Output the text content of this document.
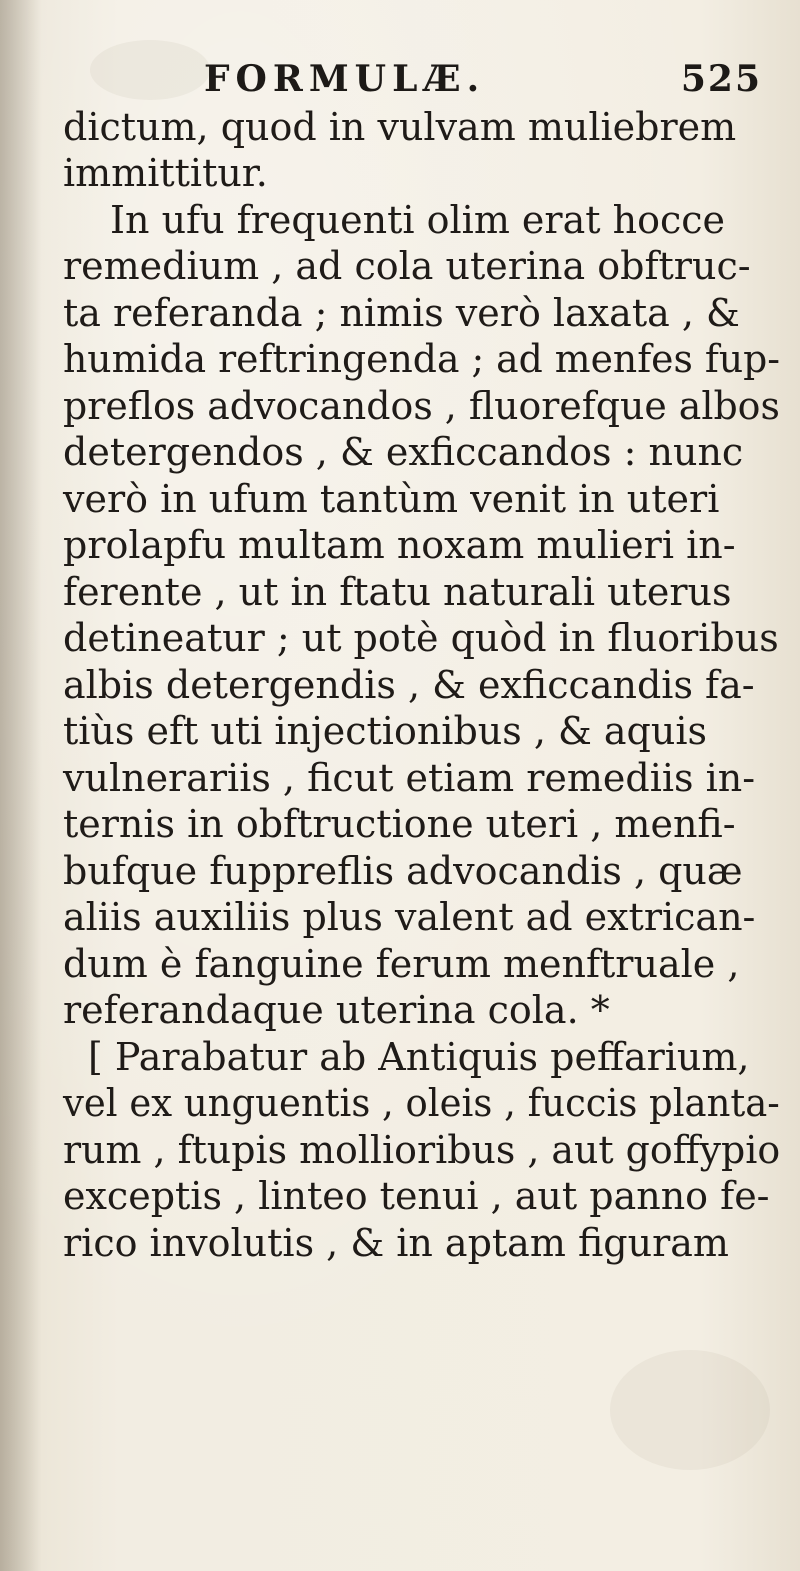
FORMULÆ.	525
dictum, quod in vulvam muliebrem
immittitur.
In ufu frequenti olim erat hocce
remedium , ad cola uterina obftruc-
ta referanda ; nimis verò laxata , &
humida reftringenda ; ad menfes fup-
preflos advocandos , fluorefque albos
detergendos , & exficcandos : nunc
verò in ufum tantùm venit in uteri
prolapfu multam noxam mulieri in-
ferente , ut in ftatu naturali uterus
detineatur ; ut potè quòd in fluoribus
albis detergendis , & exficcandis fa-
tiùs eft uti injectionibus , & aquis
vulnerariis , ficut etiam remediis in-
ternis in obftructione uteri , menfi-
bufque fuppreflis advocandis , quæ
aliis auxiliis plus valent ad extrican-
dum è fanguine ferum menftruale ,
referandaque uterina cola. *
[ Parabatur ab Antiquis peffarium,
vel ex unguentis , oleis , fuccis planta-
rum , ftupis mollioribus , aut goffypio
exceptis , linteo tenui , aut panno fe-
rico involutis , & in aptam figuram
